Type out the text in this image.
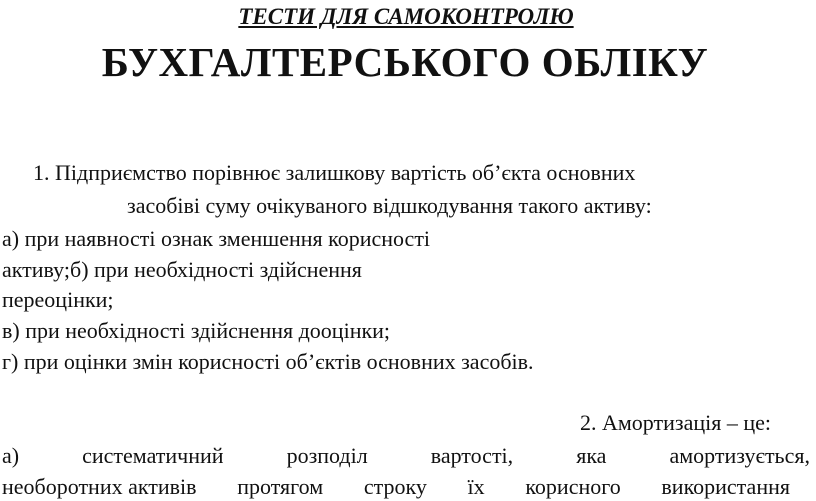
ТЕСТИ ДЛЯ САМОКОНТРОЛЮ
БУХГАЛТЕРСЬКОГО ОБЛІКУ
1. Підприємство порівнює залишкову вартість об’єкта основних
засобіві суму очікуваного відшкодування такого активу:
а) при наявності ознак зменшення корисності
активу;б) при необхідності здійснення
переоцінки;
в) при необхідності здійснення дооцінки;
г) при оцінки змін корисності об’єктів основних засобів.
2. Амортизація – це:
а)	систематичний	розподіл	вартості,	яка	амортизується,
необоротних активів протягом строку їх корисного використання
